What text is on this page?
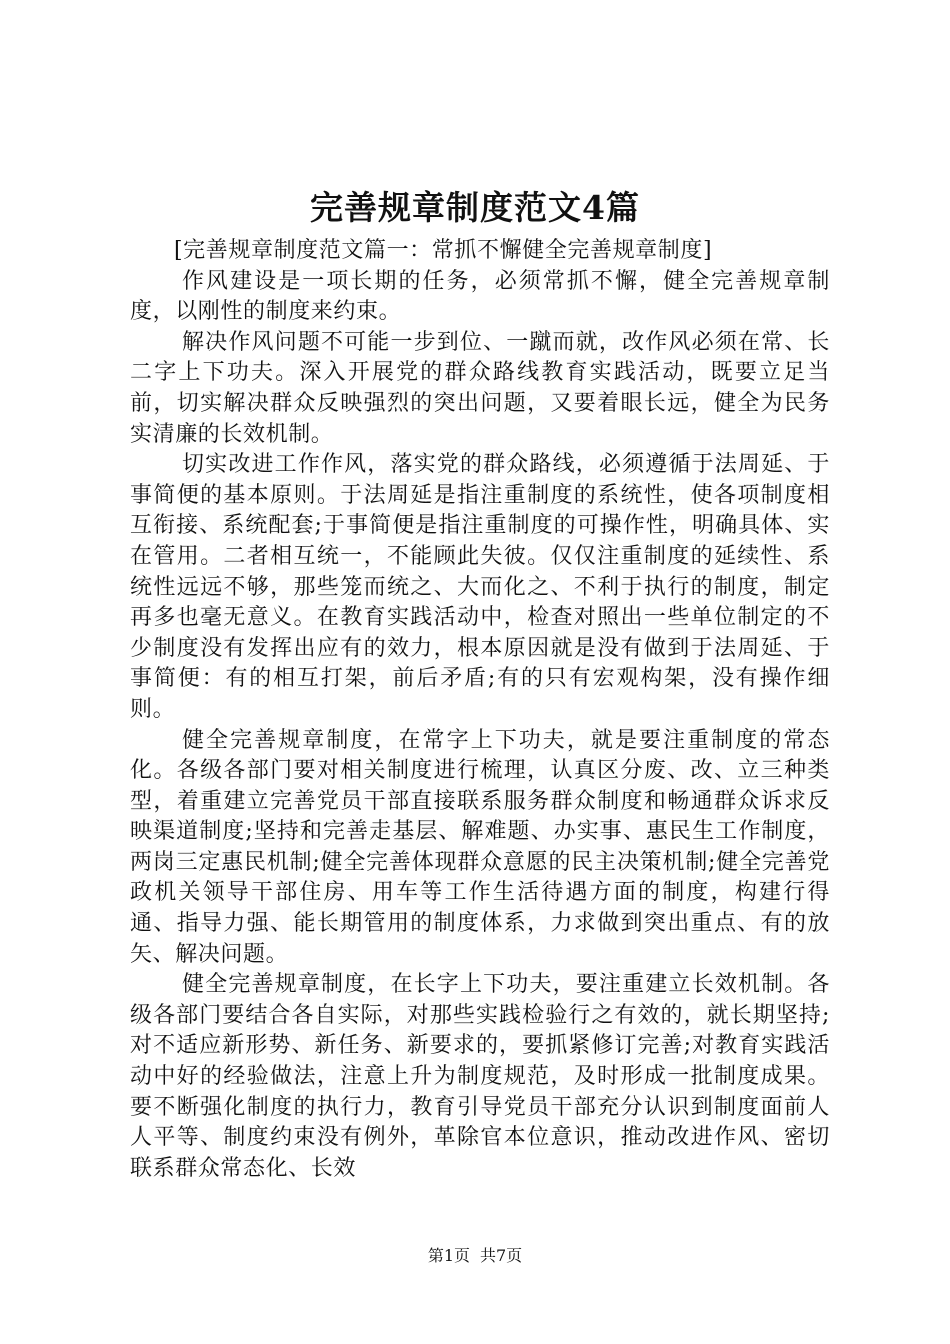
完善规章制度范文4篇

[完善规章制度范文篇一：常抓不懈健全完善规章制度]

作风建设是一项长期的任务，必须常抓不懈，健全完善规章制度，以刚性的制度来约束。

解决作风问题不可能一步到位、一蹴而就，改作风必须在常、长二字上下功夫。深入开展党的群众路线教育实践活动，既要立足当前，切实解决群众反映强烈的突出问题，又要着眼长远，健全为民务实清廉的长效机制。

切实改进工作作风，落实党的群众路线，必须遵循于法周延、于事简便的基本原则。于法周延是指注重制度的系统性，使各项制度相互衔接、系统配套;于事简便是指注重制度的可操作性，明确具体、实在管用。二者相互统一，不能顾此失彼。仅仅注重制度的延续性、系统性远远不够，那些笼而统之、大而化之、不利于执行的制度，制定再多也毫无意义。在教育实践活动中，检查对照出一些单位制定的不少制度没有发挥出应有的效力，根本原因就是没有做到于法周延、于事简便：有的相互打架，前后矛盾;有的只有宏观构架，没有操作细则。

健全完善规章制度，在常字上下功夫，就是要注重制度的常态化。各级各部门要对相关制度进行梳理，认真区分废、改、立三种类型，着重建立完善党员干部直接联系服务群众制度和畅通群众诉求反映渠道制度;坚持和完善走基层、解难题、办实事、惠民生工作制度，两岗三定惠民机制;健全完善体现群众意愿的民主决策机制;健全完善党政机关领导干部住房、用车等工作生活待遇方面的制度，构建行得通、指导力强、能长期管用的制度体系，力求做到突出重点、有的放矢、解决问题。

健全完善规章制度，在长字上下功夫，要注重建立长效机制。各级各部门要结合各自实际，对那些实践检验行之有效的，就长期坚持;对不适应新形势、新任务、新要求的，要抓紧修订完善;对教育实践活动中好的经验做法，注意上升为制度规范，及时形成一批制度成果。要不断强化制度的执行力，教育引导党员干部充分认识到制度面前人人平等、制度约束没有例外，革除官本位意识，推动改进作风、密切联系群众常态化、长效

第1页 共7页
